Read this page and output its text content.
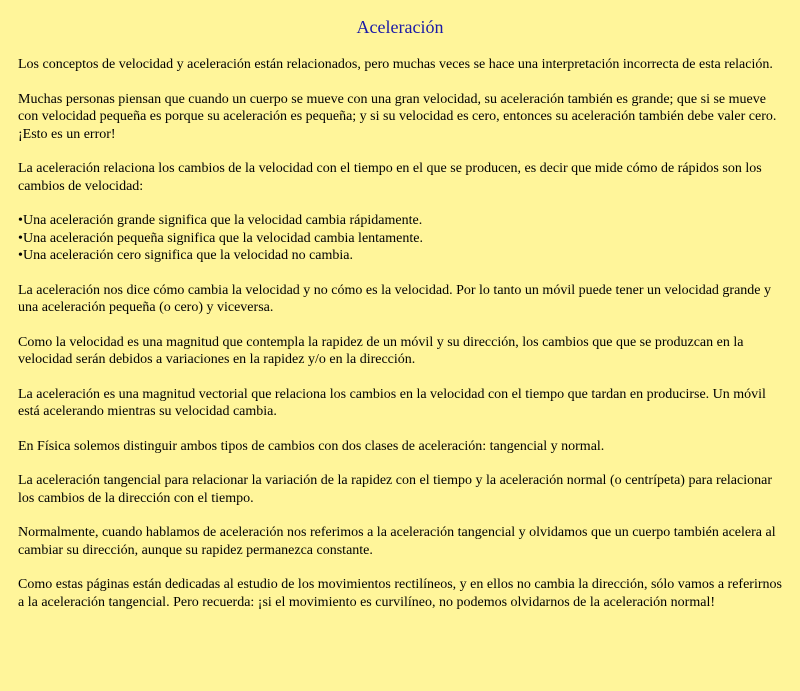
Aceleración

Los conceptos de velocidad y aceleración están relacionados, pero muchas veces se hace una interpretación incorrecta de esta relación.

Muchas personas piensan que cuando un cuerpo se mueve con una gran velocidad, su aceleración también es grande; que si se mueve con velocidad pequeña es porque su aceleración es pequeña; y si su velocidad es cero, entonces su aceleración también debe valer cero. ¡Esto es un error!

La aceleración relaciona los cambios de la velocidad con el tiempo en el que se producen, es decir que mide cómo de rápidos son los cambios de velocidad:

•Una aceleración grande significa que la velocidad cambia rápidamente.
•Una aceleración pequeña significa que la velocidad cambia lentamente.
•Una aceleración cero significa que la velocidad no cambia.

La aceleración nos dice cómo cambia la velocidad y no cómo es la velocidad. Por lo tanto un móvil puede tener un velocidad grande y una aceleración pequeña (o cero) y viceversa.

Como la velocidad es una magnitud que contempla la rapidez de un móvil y su dirección, los cambios que que se produzcan en la velocidad serán debidos a variaciones en la rapidez y/o en la dirección.

La aceleración es una magnitud vectorial que relaciona los cambios en la velocidad con el tiempo que tardan en producirse. Un móvil está acelerando mientras su velocidad cambia.

En Física solemos distinguir ambos tipos de cambios con dos clases de aceleración: tangencial y normal.

La aceleración tangencial para relacionar la variación de la rapidez con el tiempo y la aceleración normal (o centrípeta) para relacionar los cambios de la dirección con el tiempo.

Normalmente, cuando hablamos de aceleración nos referimos a la aceleración tangencial y olvidamos que un cuerpo también acelera al cambiar su dirección, aunque su rapidez permanezca constante.

Como estas páginas están dedicadas al estudio de los movimientos rectilíneos, y en ellos no cambia la dirección, sólo vamos a referirnos a la aceleración tangencial. Pero recuerda: ¡si el movimiento es curvilíneo, no podemos olvidarnos de la aceleración normal!
